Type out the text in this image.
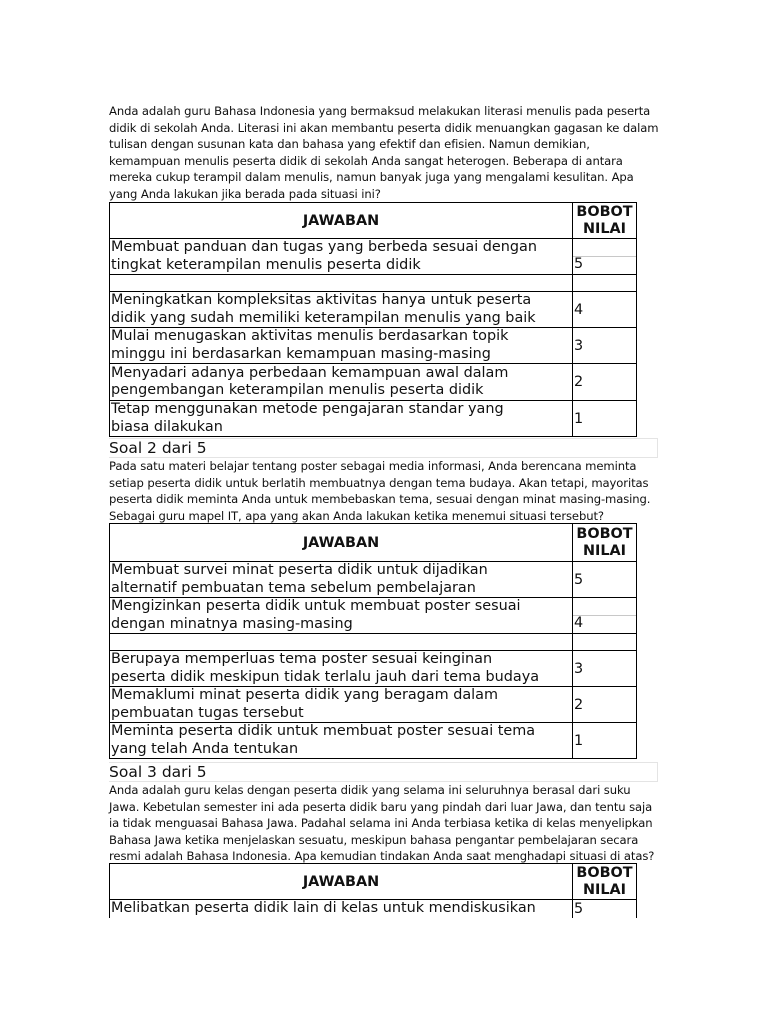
Anda adalah guru Bahasa Indonesia yang bermaksud melakukan literasi menulis pada peserta
didik di sekolah Anda. Literasi ini akan membantu peserta didik menuangkan gagasan ke dalam
tulisan dengan susunan kata dan bahasa yang efektif dan efisien. Namun demikian,
kemampuan menulis peserta didik di sekolah Anda sangat heterogen. Beberapa di antara
mereka cukup terampil dalam menulis, namun banyak juga yang mengalami kesulitan. Apa
yang Anda lakukan jika berada pada situasi ini?
JAWABAN	BOBOT
NILAI

Membuat panduan dan tugas yang berbeda sesuai dengan
tingkat keterampilan menulis peserta didik	5

Meningkatkan kompleksitas aktivitas hanya untuk peserta
didik yang sudah memiliki keterampilan menulis yang baik	4

Mulai menugaskan aktivitas menulis berdasarkan topik
minggu ini berdasarkan kemampuan masing-masing	3

Menyadari adanya perbedaan kemampuan awal dalam
pengembangan keterampilan menulis peserta didik	2

Tetap menggunakan metode pengajaran standar yang
biasa dilakukan	1
Soal 2 dari 5
Pada satu materi belajar tentang poster sebagai media informasi, Anda berencana meminta
setiap peserta didik untuk berlatih membuatnya dengan tema budaya. Akan tetapi, mayoritas
peserta didik meminta Anda untuk membebaskan tema, sesuai dengan minat masing-masing.
Sebagai guru mapel IT, apa yang akan Anda lakukan ketika menemui situasi tersebut?
JAWABAN	BOBOT
NILAI

Membuat survei minat peserta didik untuk dijadikan
alternatif pembuatan tema sebelum pembelajaran	5

Mengizinkan peserta didik untuk membuat poster sesuai
dengan minatnya masing-masing	4

Berupaya memperluas tema poster sesuai keinginan
peserta didik meskipun tidak terlalu jauh dari tema budaya	3

Memaklumi minat peserta didik yang beragam dalam
pembuatan tugas tersebut	2

Meminta peserta didik untuk membuat poster sesuai tema
yang telah Anda tentukan	1
Soal 3 dari 5
Anda adalah guru kelas dengan peserta didik yang selama ini seluruhnya berasal dari suku
Jawa. Kebetulan semester ini ada peserta didik baru yang pindah dari luar Jawa, dan tentu saja
ia tidak menguasai Bahasa Jawa. Padahal selama ini Anda terbiasa ketika di kelas menyelipkan
Bahasa Jawa ketika menjelaskan sesuatu, meskipun bahasa pengantar pembelajaran secara
resmi adalah Bahasa Indonesia. Apa kemudian tindakan Anda saat menghadapi situasi di atas?
JAWABAN	BOBOT
NILAI

Melibatkan peserta didik lain di kelas untuk mendiskusikan	5
